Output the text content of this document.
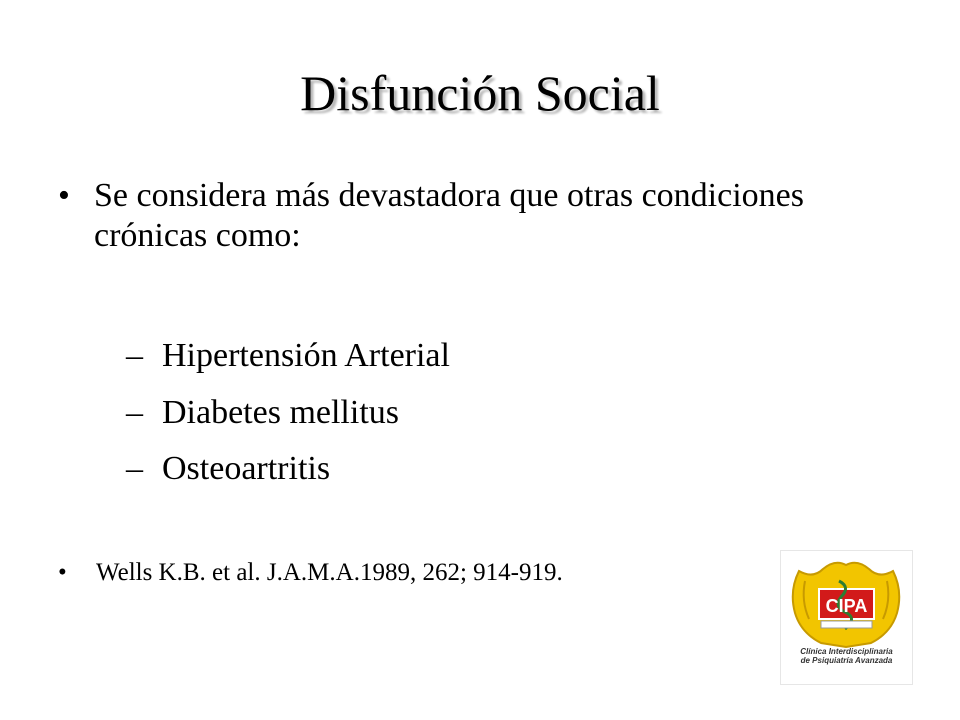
Disfunción Social
• Se considera más devastadora que otras condiciones crónicas como:
– Hipertensión Arterial
– Diabetes mellitus
– Osteoartritis
• Wells K.B. et al. J.A.M.A.1989, 262; 914-919.
CIPA
Clínica Interdisciplinaria
de Psiquiatría Avanzada
